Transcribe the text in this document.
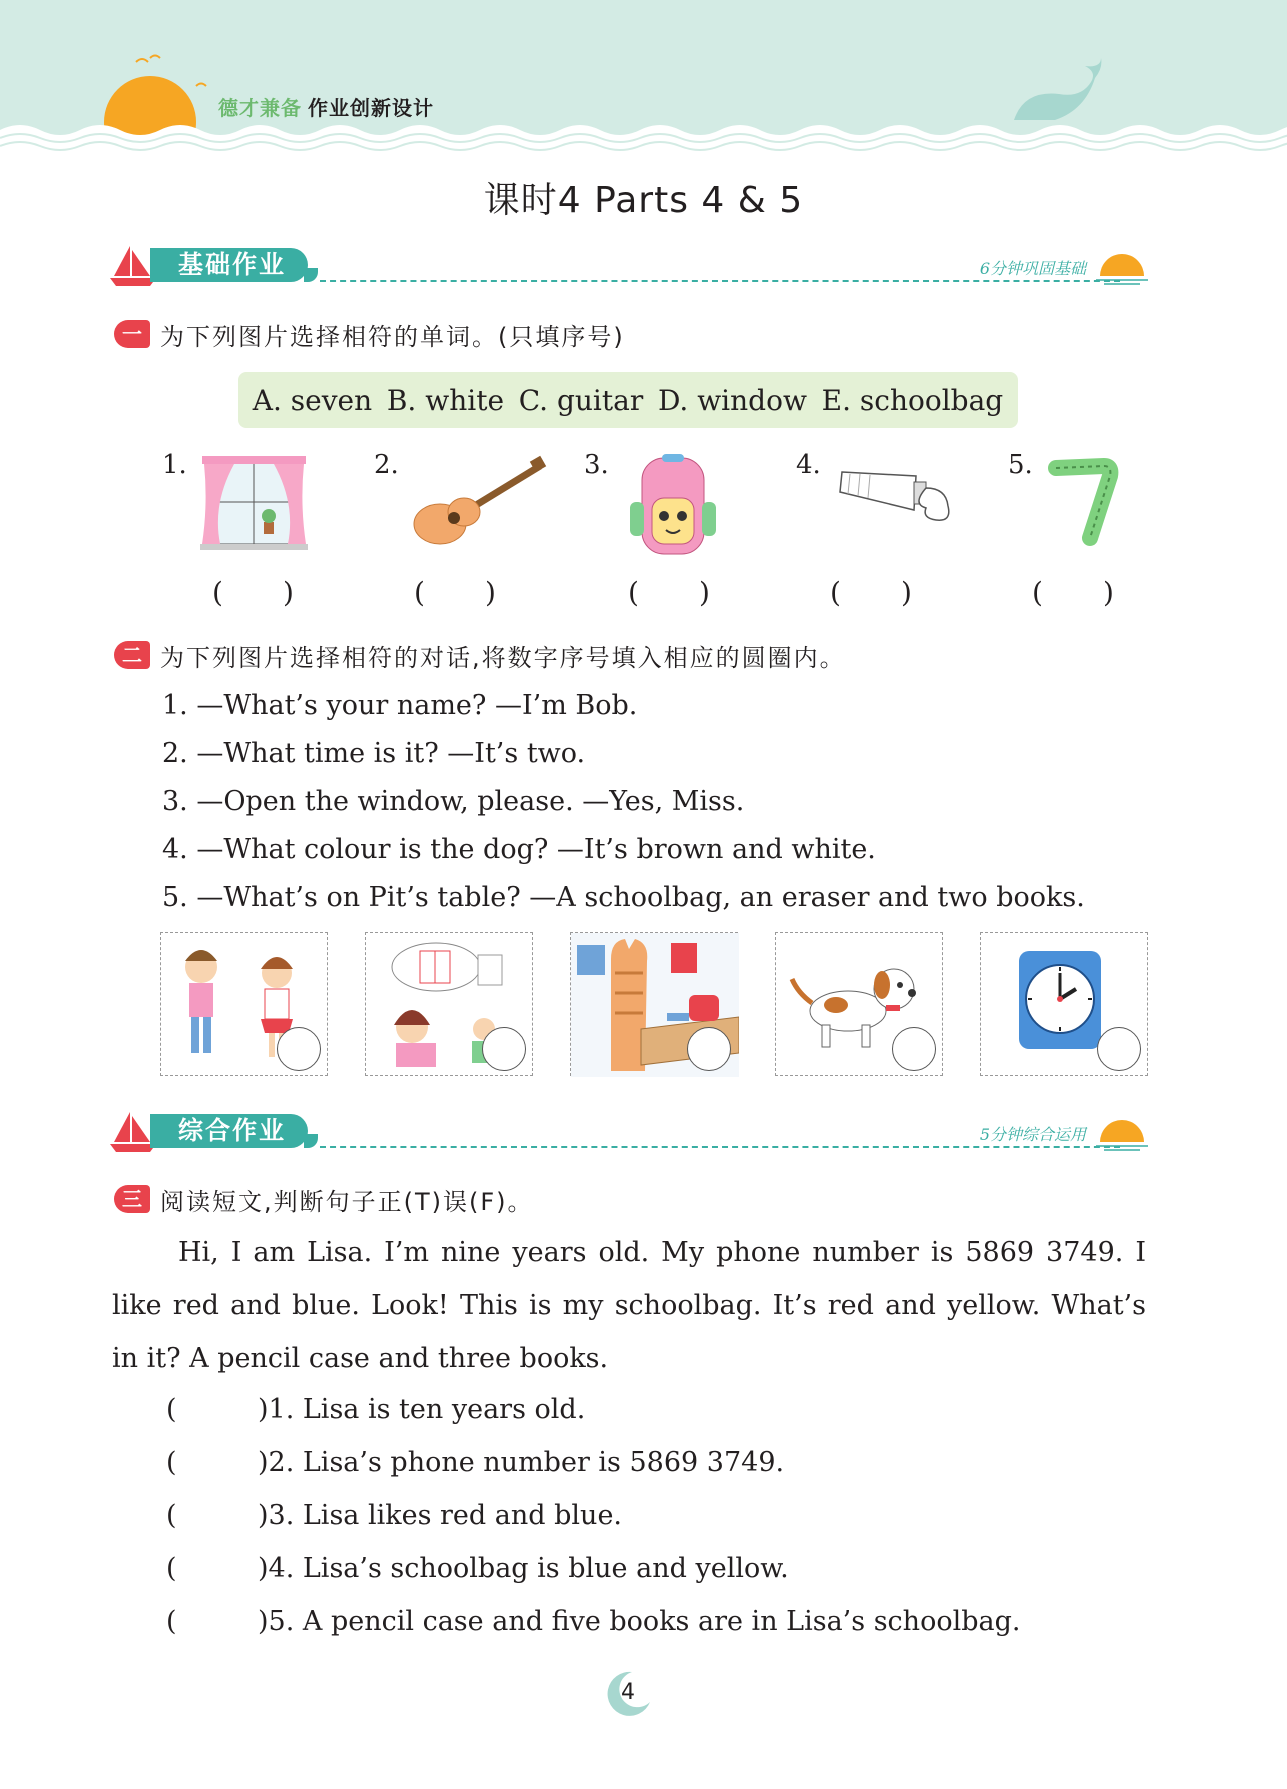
德才兼备 作业创新设计
课时4 Parts 4 & 5
基础作业	6分钟巩固基础
一 为下列图片选择相符的单词。(只填序号)
A. seven B. white C. guitar D. window E. schoolbag
1.
( )
2.
( )
3.
( )
4.
( )
5.
( )
二 为下列图片选择相符的对话,将数字序号填入相应的圆圈内。
1. —What’s your name? —I’m Bob.
2. —What time is it? —It’s two.
3. —Open the window, please. —Yes, Miss.
4. —What colour is the dog? —It’s brown and white.
5. —What’s on Pit’s table? —A schoolbag, an eraser and two books.
综合作业	5分钟综合运用
三 阅读短文,判断句子正(T)误(F)。
Hi, I am Lisa. I’m nine years old. My phone number is 5869 3749. I like red and blue. Look! This is my schoolbag. It’s red and yellow. What’s in it? A pencil case and three books.
(	)1. Lisa is ten years old.
(	)2. Lisa’s phone number is 5869 3749.
(	)3. Lisa likes red and blue.
(	)4. Lisa’s schoolbag is blue and yellow.
(	)5. A pencil case and five books are in Lisa’s schoolbag.
4
